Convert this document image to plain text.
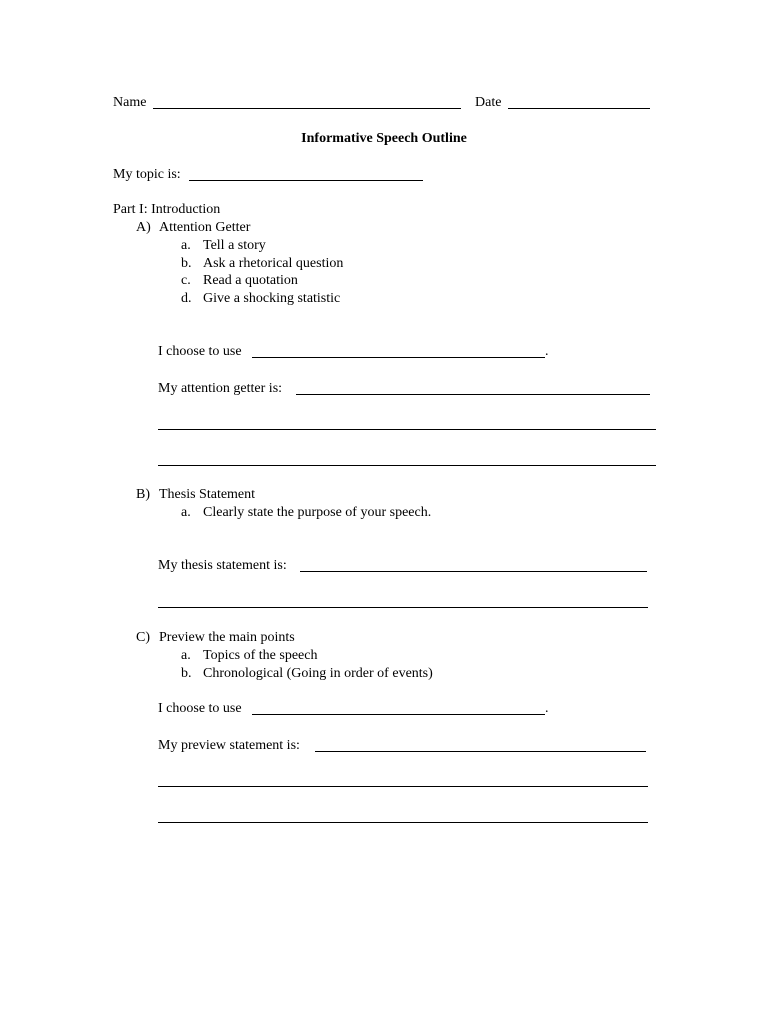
Name	Date
Informative Speech Outline
My topic is:
Part I: Introduction
A) Attention Getter
a. Tell a story
b. Ask a rhetorical question
c. Read a quotation
d. Give a shocking statistic
I choose to use	.
My attention getter is:
B) Thesis Statement
a. Clearly state the purpose of your speech.
My thesis statement is:
C) Preview the main points
a. Topics of the speech
b. Chronological (Going in order of events)
I choose to use	.
My preview statement is:
